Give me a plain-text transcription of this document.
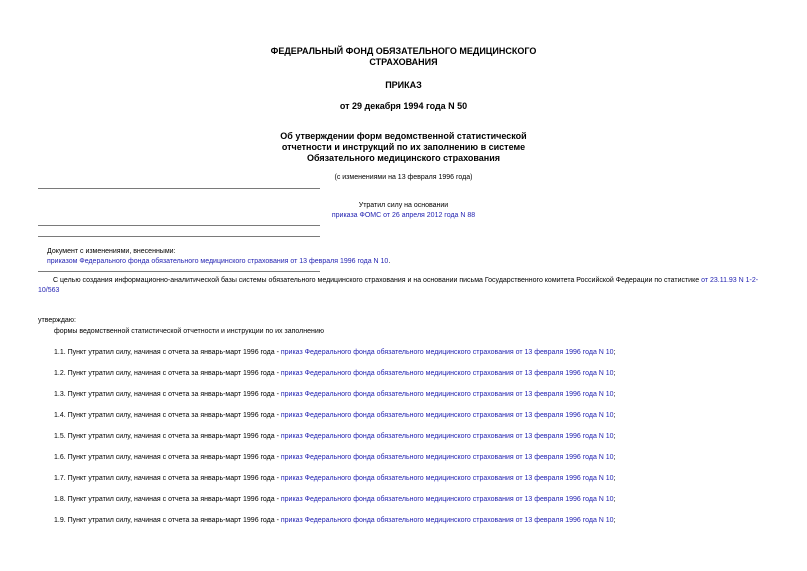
ФЕДЕРАЛЬНЫЙ ФОНД ОБЯЗАТЕЛЬНОГО МЕДИЦИНСКОГО
СТРАХОВАНИЯ
ПРИКАЗ
от 29 декабря 1994 года N 50
Об утверждении форм ведомственной статистической
отчетности и инструкций по их заполнению в системе
Обязательного медицинского страхования
(с изменениями на 13 февраля 1996 года)
Утратил силу на основании
приказа ФОМС от 26 апреля 2012 года N 88
Документ с изменениями, внесенными:
приказом Федерального фонда обязательного медицинского страхования от 13 февраля 1996 года N 10.
С целью создания информационно-аналитической базы системы обязательного медицинского страхования и на основании письма Государственного комитета Российской Федерации по статистике от 23.11.93 N 1-2-10/563
утверждаю:
формы ведомственной статистической отчетности и инструкции по их заполнению
1.1. Пункт утратил силу, начиная с отчета за январь-март 1996 года - приказ Федерального фонда обязательного медицинского страхования от 13 февраля 1996 года N 10;
1.2. Пункт утратил силу, начиная с отчета за январь-март 1996 года - приказ Федерального фонда обязательного медицинского страхования от 13 февраля 1996 года N 10;
1.3. Пункт утратил силу, начиная с отчета за январь-март 1996 года - приказ Федерального фонда обязательного медицинского страхования от 13 февраля 1996 года N 10;
1.4. Пункт утратил силу, начиная с отчета за январь-март 1996 года - приказ Федерального фонда обязательного медицинского страхования от 13 февраля 1996 года N 10;
1.5. Пункт утратил силу, начиная с отчета за январь-март 1996 года - приказ Федерального фонда обязательного медицинского страхования от 13 февраля 1996 года N 10;
1.6. Пункт утратил силу, начиная с отчета за январь-март 1996 года - приказ Федерального фонда обязательного медицинского страхования от 13 февраля 1996 года N 10;
1.7. Пункт утратил силу, начиная с отчета за январь-март 1996 года - приказ Федерального фонда обязательного медицинского страхования от 13 февраля 1996 года N 10;
1.8. Пункт утратил силу, начиная с отчета за январь-март 1996 года - приказ Федерального фонда обязательного медицинского страхования от 13 февраля 1996 года N 10;
1.9. Пункт утратил силу, начиная с отчета за январь-март 1996 года - приказ Федерального фонда обязательного медицинского страхования от 13 февраля 1996 года N 10;
